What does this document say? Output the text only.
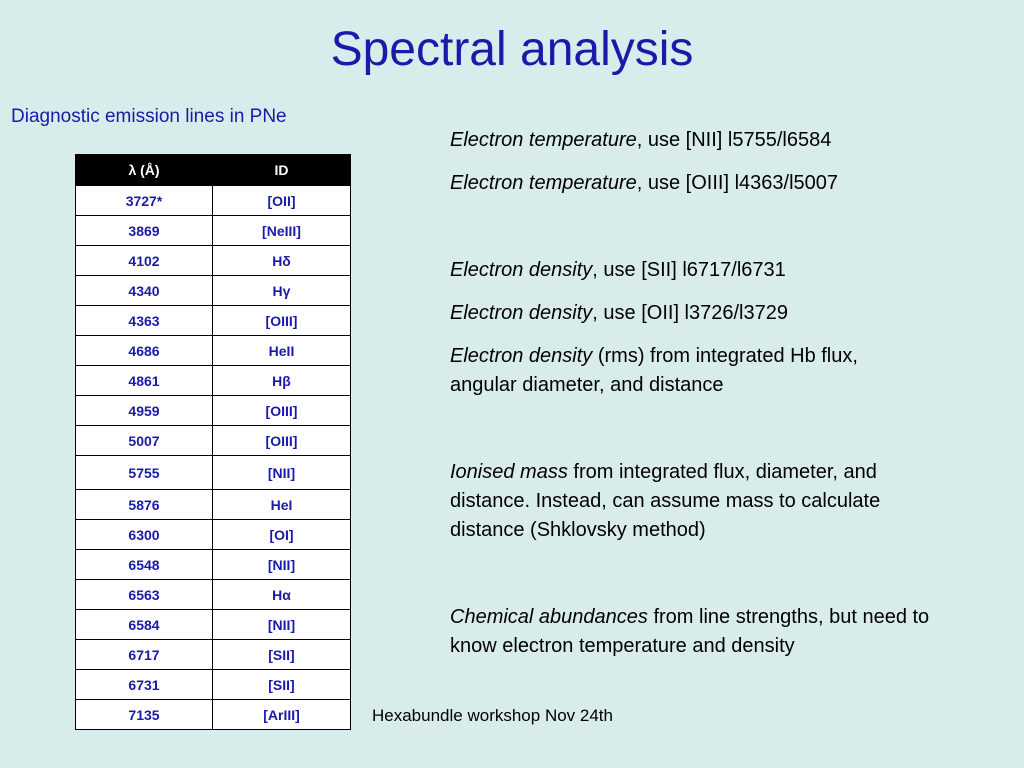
Spectral analysis
Diagnostic emission lines in PNe
λ (Å)	ID
3727*	[OII]
3869	[NeIII]
4102	Hδ
4340	Hγ
4363	[OIII]
4686	HeII
4861	Hβ
4959	[OIII]
5007	[OIII]
5755	[NII]
5876	HeI
6300	[OI]
6548	[NII]
6563	Hα
6584	[NII]
6717	[SII]
6731	[SII]
7135	[ArIII]

Electron temperature, use [NII] l5755/l6584

Electron temperature, use [OIII] l4363/l5007

Electron density, use [SII] l6717/l6731

Electron density, use [OII] l3726/l3729

Electron density (rms) from integrated Hb flux, angular diameter, and distance

Ionised mass from integrated flux, diameter, and distance. Instead, can assume mass to calculate distance (Shklovsky method)

Chemical abundances from line strengths, but need to know electron temperature and density

Hexabundle workshop Nov 24th
